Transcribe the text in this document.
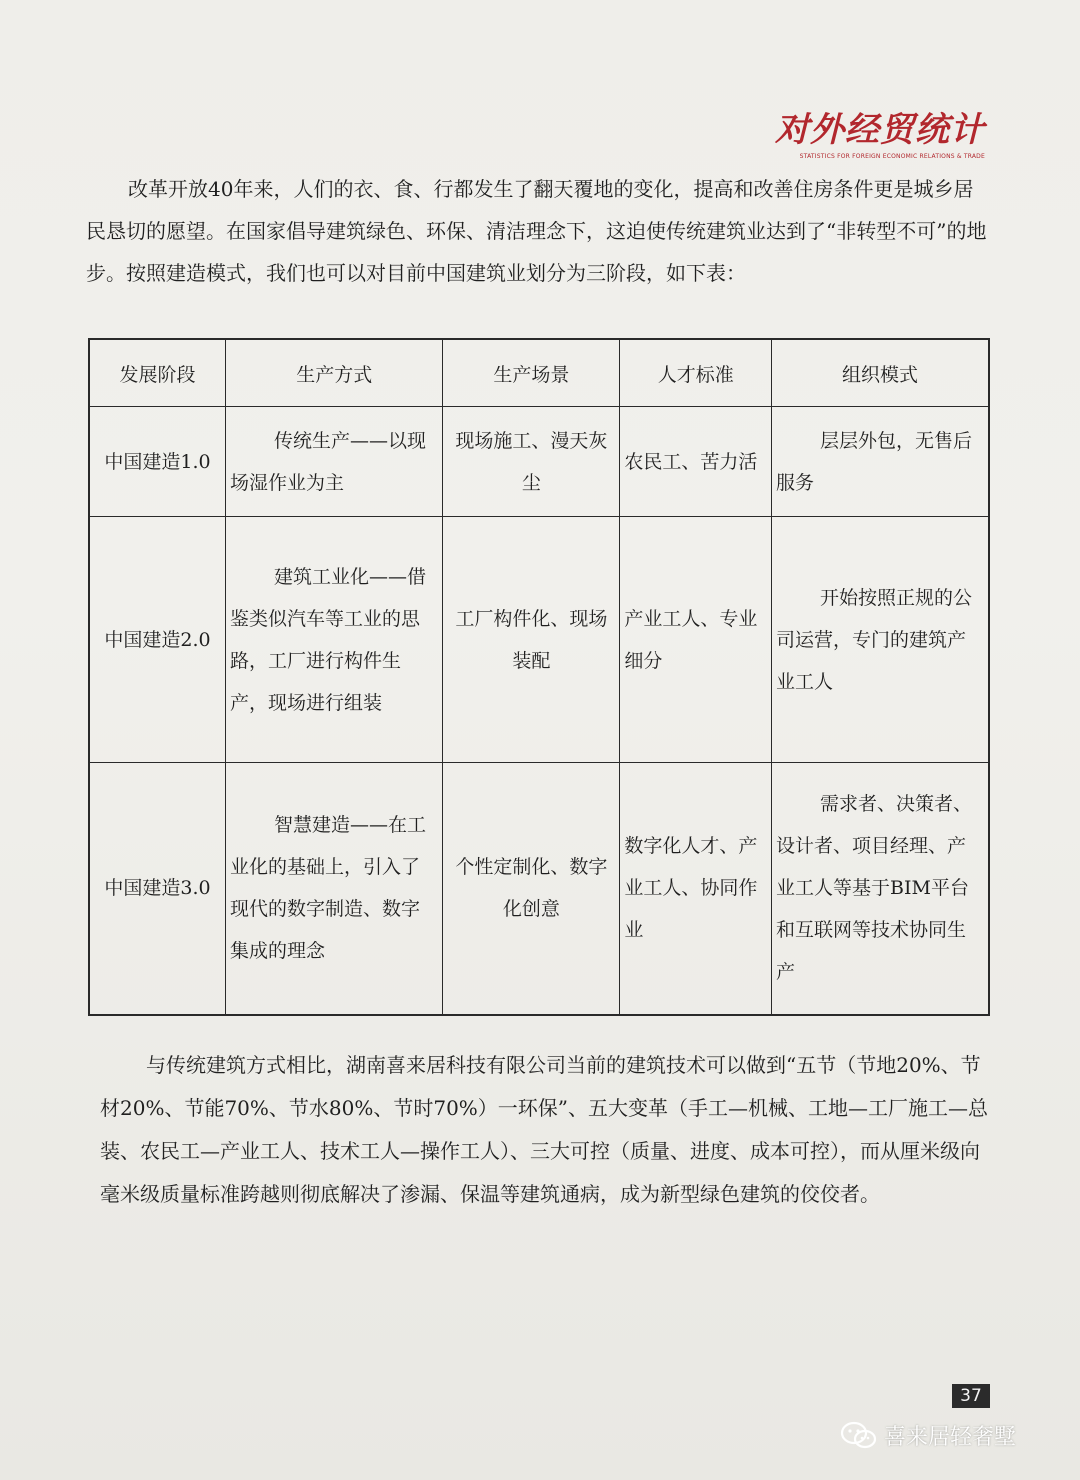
对外经贸统计
STATISTICS FOR FOREIGN ECONOMIC RELATIONS & TRADE

改革开放40年来，人们的衣、食、行都发生了翻天覆地的变化，提高和改善住房条件更是城乡居民恳切的愿望。在国家倡导建筑绿色、环保、清洁理念下，这迫使传统建筑业达到了“非转型不可”的地步。按照建造模式，我们也可以对目前中国建筑业划分为三阶段，如下表：

发展阶段	生产方式	生产场景	人才标准	组织模式
中国建造1.0	传统生产——以现场湿作业为主	现场施工、漫天灰尘	农民工、苦力活	层层外包，无售后服务
中国建造2.0	建筑工业化——借鉴类似汽车等工业的思路，工厂进行构件生产，现场进行组装	工厂构件化、现场装配	产业工人、专业细分	开始按照正规的公司运营，专门的建筑产业工人
中国建造3.0	智慧建造——在工业化的基础上，引入了现代的数字制造、数字集成的理念	个性定制化、数字化创意	数字化人才、产业工人、协同作业	需求者、决策者、设计者、项目经理、产业工人等基于BIM平台和互联网等技术协同生产

与传统建筑方式相比，湖南喜来居科技有限公司当前的建筑技术可以做到“五节（节地20%、节材20%、节能70%、节水80%、节时70%）一环保”、五大变革（手工—机械、工地—工厂施工—总装、农民工—产业工人、技术工人—操作工人）、三大可控（质量、进度、成本可控），而从厘米级向毫米级质量标准跨越则彻底解决了渗漏、保温等建筑通病，成为新型绿色建筑的佼佼者。

37
喜来居轻奢墅
